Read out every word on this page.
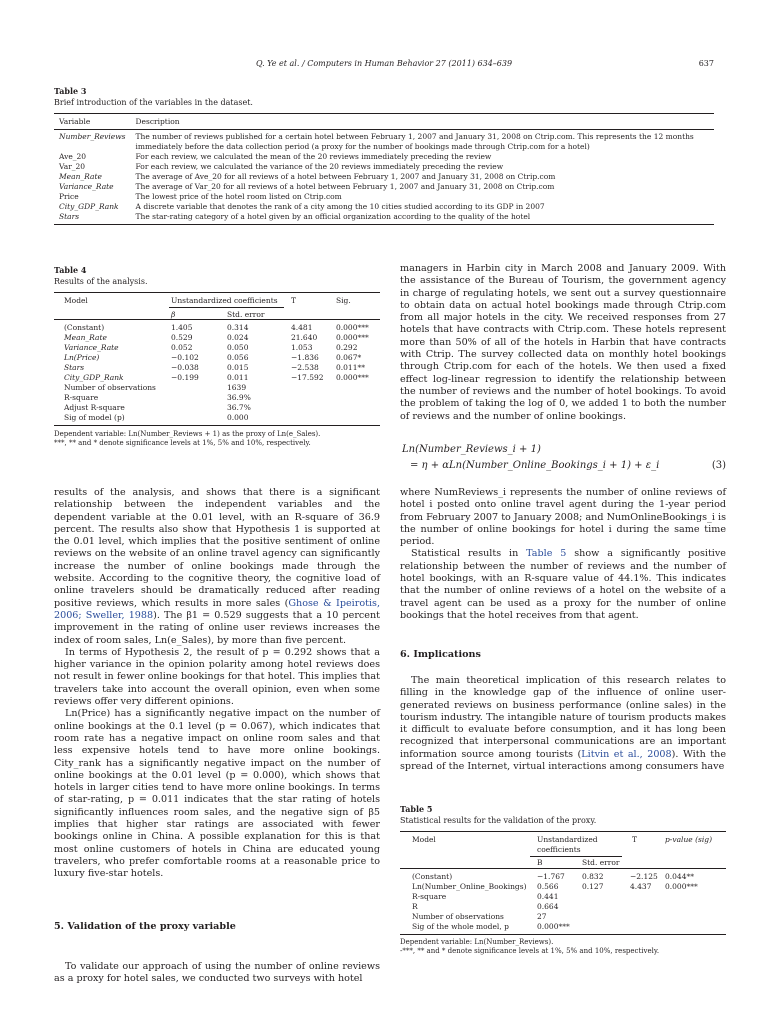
Q. Ye et al. / Computers in Human Behavior 27 (2011) 634–639	637
Table 3
Brief introduction of the variables in the dataset.
Variable	Description
Number_Reviews	The number of reviews published for a certain hotel between February 1, 2007 and January 31, 2008 on Ctrip.com. This represents the 12 months immediately before the data collection period (a proxy for the number of bookings made through Ctrip.com for a hotel)
Ave_20	For each review, we calculated the mean of the 20 reviews immediately preceding the review
Var_20	For each review, we calculated the variance of the 20 reviews immediately preceding the review
Mean_Rate	The average of Ave_20 for all reviews of a hotel between February 1, 2007 and January 31, 2008 on Ctrip.com
Variance_Rate	The average of Var_20 for all reviews of a hotel between February 1, 2007 and January 31, 2008 on Ctrip.com
Price	The lowest price of the hotel room listed on Ctrip.com
City_GDP_Rank	A discrete variable that denotes the rank of a city among the 10 cities studied according to its GDP in 2007
Stars	The star-rating category of a hotel given by an official organization according to the quality of the hotel
Table 4
Results of the analysis.
Model	Unstandardized coefficients T	Sig.
β	Std. error
(Constant)	1.405	0.314	4.481	0.000***
Mean_Rate	0.529	0.024	21.640	0.000***
Variance_Rate	0.052	0.050	1.053	0.292
Ln(Price)	−0.102	0.056	−1.836 0.067*
Stars	−0.038	0.015	−2.538 0.011**
City_GDP_Rank	−0.199	0.011	−17.592 0.000***
Number of observations	1639
R-square	36.9%
Adjust R-square	36.7%
Sig of model (p)	0.000
Dependent variable: Ln(Number_Reviews + 1) as the proxy of Ln(e_Sales).
***, ** and * denote significance levels at 1%, 5% and 10%, respectively.

results of the analysis, and shows that there is a significant relationship between the independent variables and the dependent variable at the 0.01 level, with an R-square of 36.9 percent. The results also show that Hypothesis 1 is supported at the 0.01 level, which implies that the positive sentiment of online reviews on the website of an online travel agency can significantly increase the number of online bookings made through the website. According to the cognitive theory, the cognitive load of online travelers should be dramatically reduced after reading positive reviews, which results in more sales (Ghose & Ipeirotis, 2006; Sweller, 1988). The β1 = 0.529 suggests that a 10 percent improvement in the rating of online user reviews increases the index of room sales, Ln(e_Sales), by more than five percent.

In terms of Hypothesis 2, the result of p = 0.292 shows that a higher variance in the opinion polarity among hotel reviews does not result in fewer online bookings for that hotel. This implies that travelers take into account the overall opinion, even when some reviews offer very different opinions.

Ln(Price) has a significantly negative impact on the number of online bookings at the 0.1 level (p = 0.067), which indicates that room rate has a negative impact on online room sales and that less expensive hotels tend to have more online bookings. City_rank has a significantly negative impact on the number of online bookings at the 0.01 level (p = 0.000), which shows that hotels in larger cities tend to have more online bookings. In terms of star-rating, p = 0.011 indicates that the star rating of hotels significantly influences room sales, and the negative sign of β5 implies that higher star ratings are associated with fewer bookings online in China. A possible explanation for this is that most online customers of hotels in China are educated young travelers, who prefer comfortable rooms at a reasonable price to luxury five-star hotels.

5. Validation of the proxy variable

To validate our approach of using the number of online reviews as a proxy for hotel sales, we conducted two surveys with hotel

managers in Harbin city in March 2008 and January 2009. With the assistance of the Bureau of Tourism, the government agency in charge of regulating hotels, we sent out a survey questionnaire to obtain data on actual hotel bookings made through Ctrip.com from all major hotels in the city. We received responses from 27 hotels that have contracts with Ctrip.com. These hotels represent more than 50% of all of the hotels in Harbin that have contracts with Ctrip. The survey collected data on monthly hotel bookings through Ctrip.com for each of the hotels. We then used a fixed effect log-linear regression to identify the relationship between the number of reviews and the number of hotel bookings. To avoid the problem of taking the log of 0, we added 1 to both the number of reviews and the number of online bookings.

Ln(Number_Reviews_i + 1)
= η + αLn(Number_Online_Bookings_i + 1) + ε_i	(3)

where NumReviews_i represents the number of online reviews of hotel i posted onto online travel agent during the 1-year period from February 2007 to January 2008; and NumOnlineBookings_i is the number of online bookings for hotel i during the same time period.

Statistical results in Table 5 show a significantly positive relationship between the number of reviews and the number of hotel bookings, with an R-square value of 44.1%. This indicates that the number of online reviews of a hotel on the website of a travel agent can be used as a proxy for the number of online bookings that the hotel receives from that agent.

6. Implications

The main theoretical implication of this research relates to filling in the knowledge gap of the influence of online user-generated reviews on business performance (online sales) in the tourism industry. The intangible nature of tourism products makes it difficult to evaluate before consumption, and it has long been recognized that interpersonal communications are an important information source among tourists (Litvin et al., 2008). With the spread of the Internet, virtual interactions among consumers have

Table 5
Statistical results for the validation of the proxy.
Model	Unstandardized
coefficients
T	p-value (sig)
B	Std. error
(Constant)	−1.767 0.832	−2.125 0.044**
Ln(Number_Online_Bookings) 0.566	0.127	4.437 0.000***
R-square	0.441
R	0.664
Number of observations	27
Sig of the whole model, p	0.000***
Dependent variable: Ln(Number_Reviews).
-***, ** and * denote significance levels at 1%, 5% and 10%, respectively.
